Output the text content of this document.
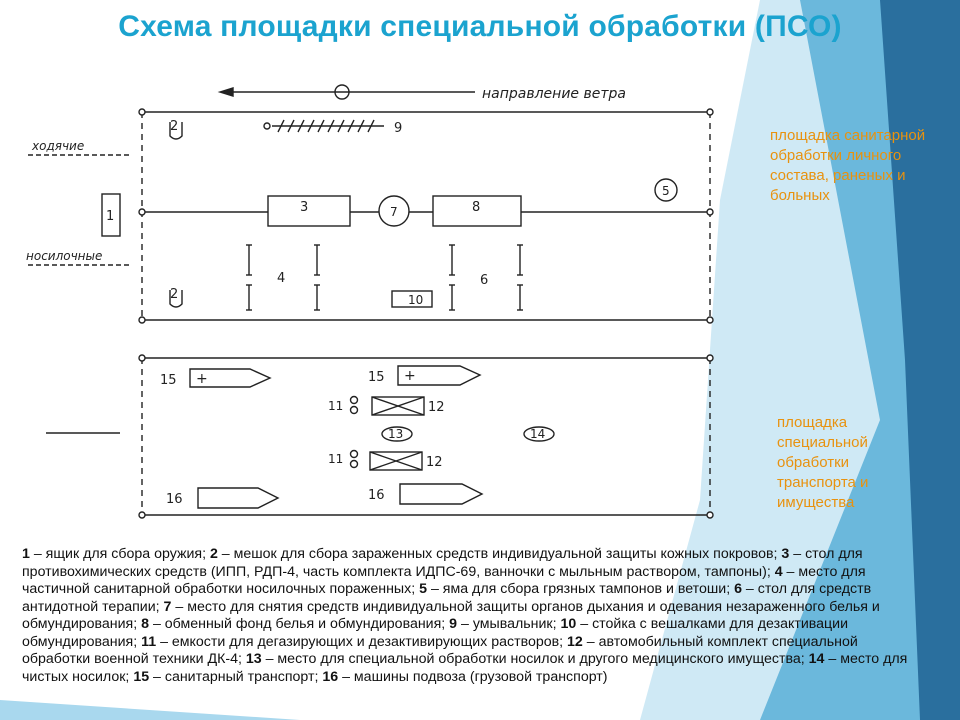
Схема площадки специальной обработки (ПСО)
направление ветра
ходячие
носилочные
1
2
2
9
5
3	7	8
4	6
10
+
15	+
15
11	12
13	14
11	12
16	16
площадка санитарной обработки личного состава, раненых и больных
площадка специальной обработки транспорта и имущества
1 – ящик для сбора оружия; 2 – мешок для сбора зараженных средств индивидуальной защиты кожных покровов; 3 – стол для противохимических средств (ИПП, РДП-4, часть комплекта ИДПС-69, ванночки с мыльным раствором, тампоны); 4 – место для частичной санитарной обработки носилочных пораженных; 5 – яма для сбора грязных тампонов и ветоши; 6 – стол для средств антидотной терапии; 7 – место для снятия средств индивидуальной защиты органов дыхания и одевания незараженного белья и обмундирования; 8 – обменный фонд белья и обмундирования; 9 – умывальник; 10 – стойка с вешалками для дезактивации обмундирования; 11 – емкости для дегазирующих и дезактивирующих растворов; 12 – автомобильный комплект специальной обработки военной техники ДК-4; 13 – место для специальной обработки носилок и другого медицинского имущества; 14 – место для чистых носилок; 15 – санитарный транспорт; 16 – машины подвоза (грузовой транспорт)
